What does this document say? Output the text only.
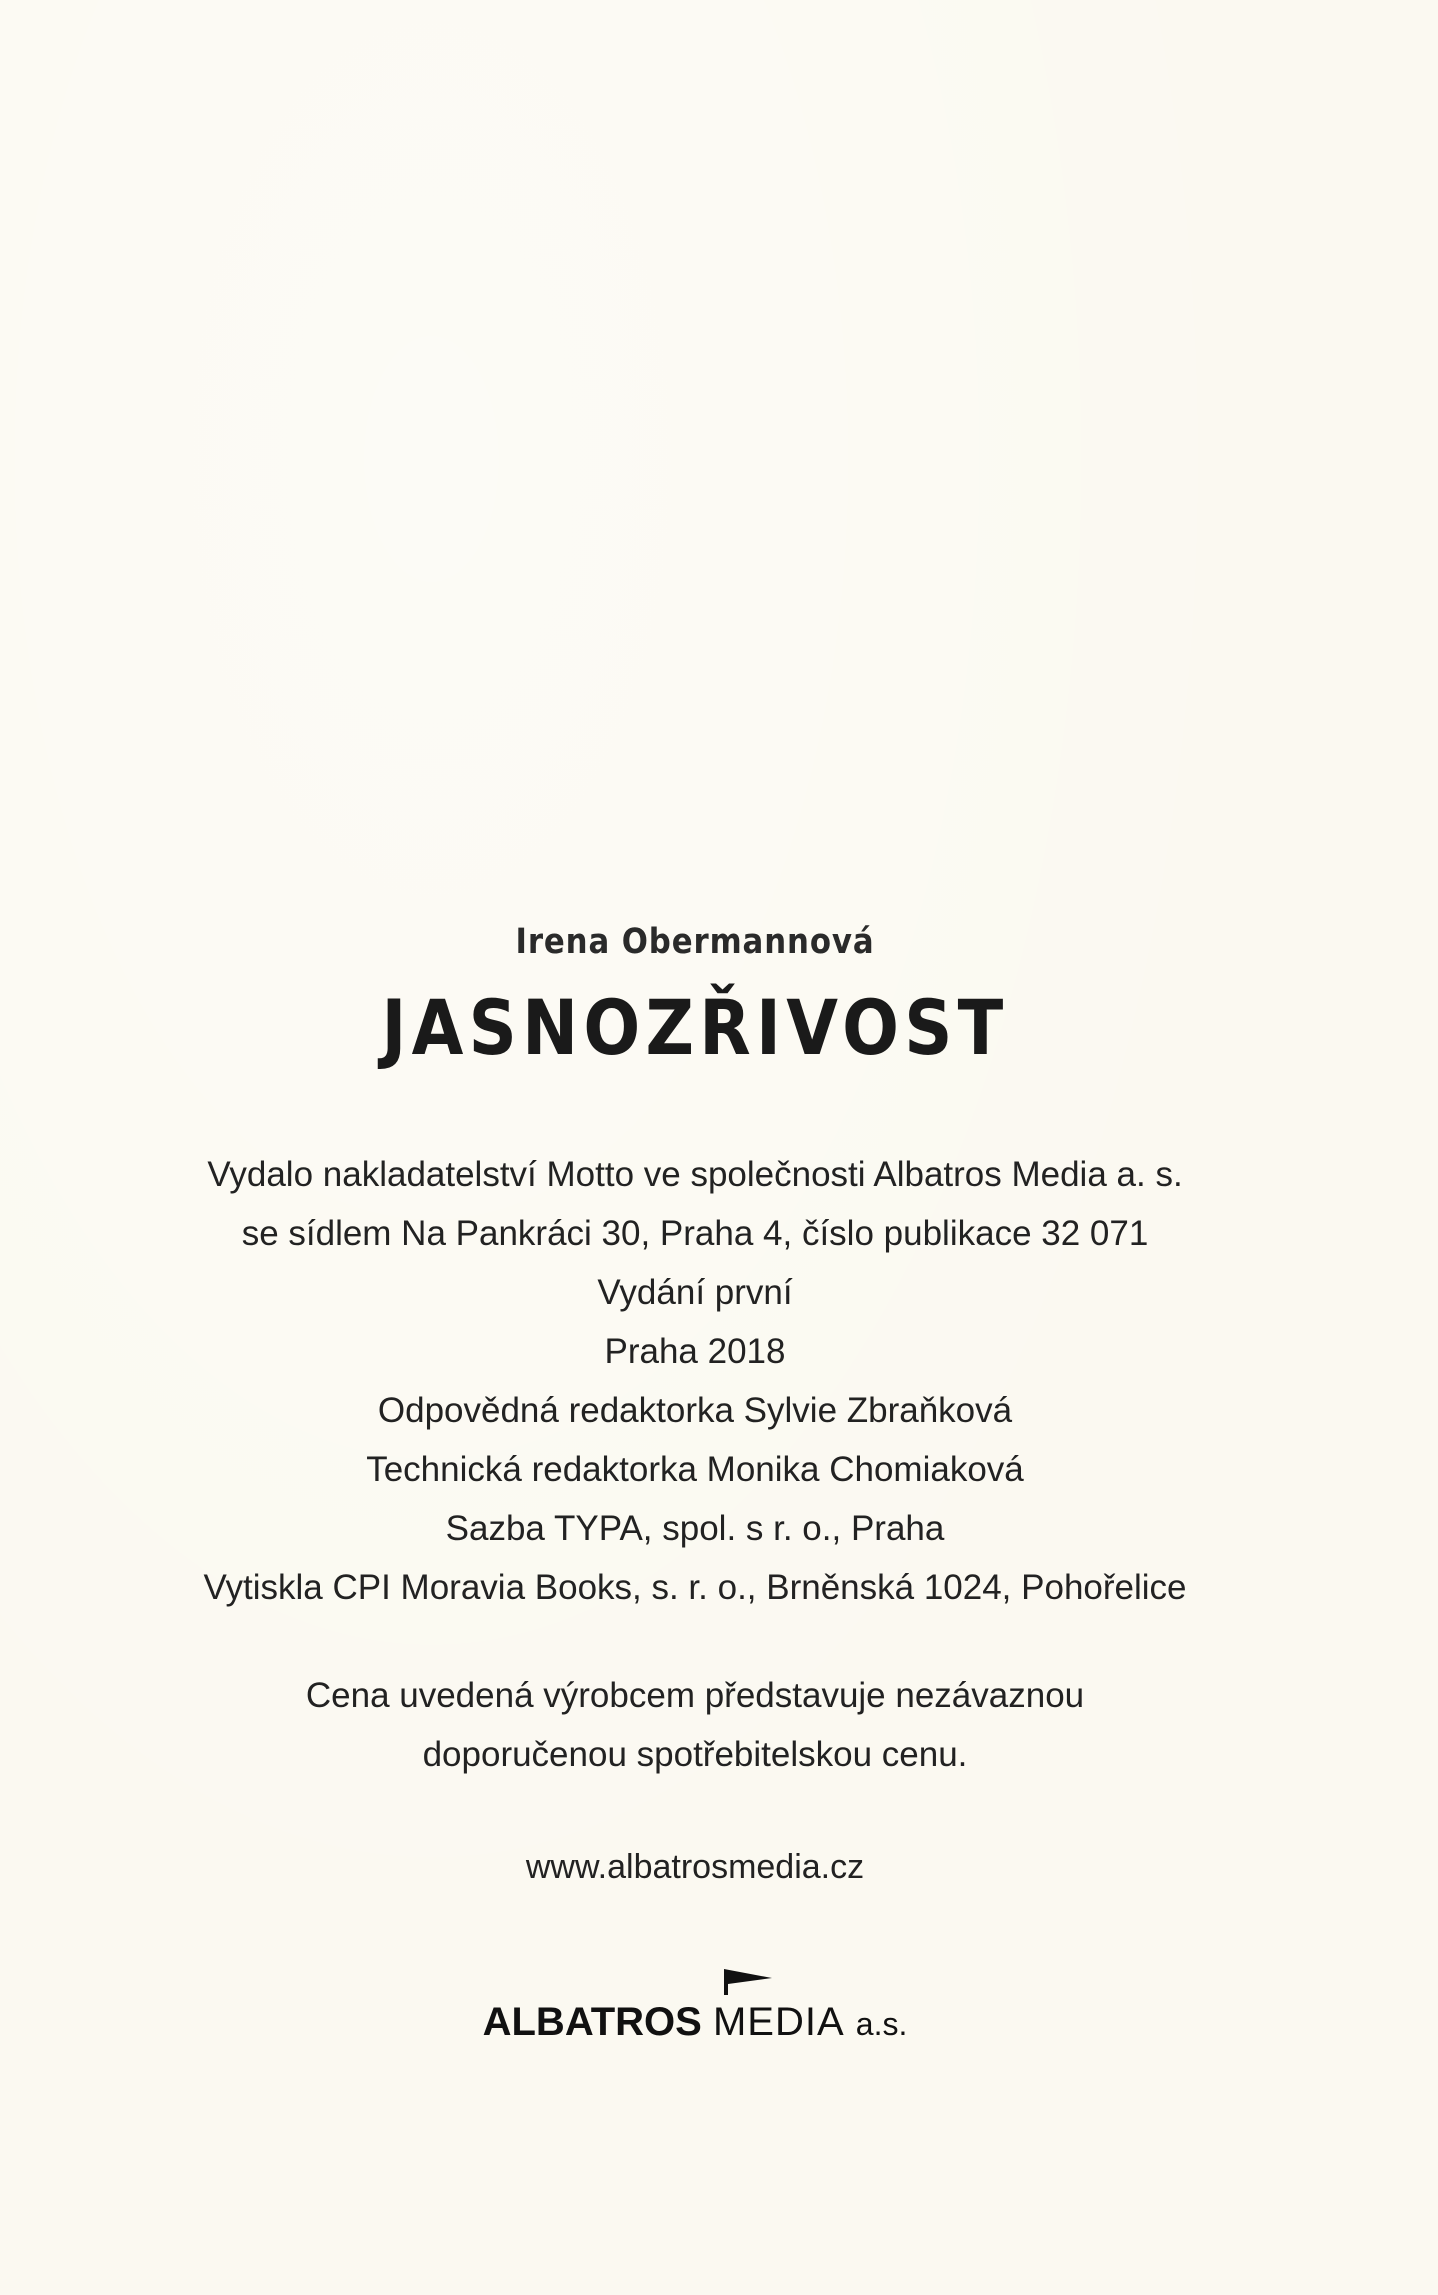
Irena Obermannová
JASNOZŘIVOST
Vydalo nakladatelství Motto ve společnosti Albatros Media a. s.
se sídlem Na Pankráci 30, Praha 4, číslo publikace 32 071
Vydání první
Praha 2018
Odpovědná redaktorka Sylvie Zbraňková
Technická redaktorka Monika Chomiaková
Sazba TYPA, spol. s r. o., Praha
Vytiskla CPI Moravia Books, s. r. o., Brněnská 1024, Pohořelice
Cena uvedená výrobcem představuje nezávaznou
doporučenou spotřebitelskou cenu.
www.albatrosmedia.cz
ALBATROS MEDIA a.s.
